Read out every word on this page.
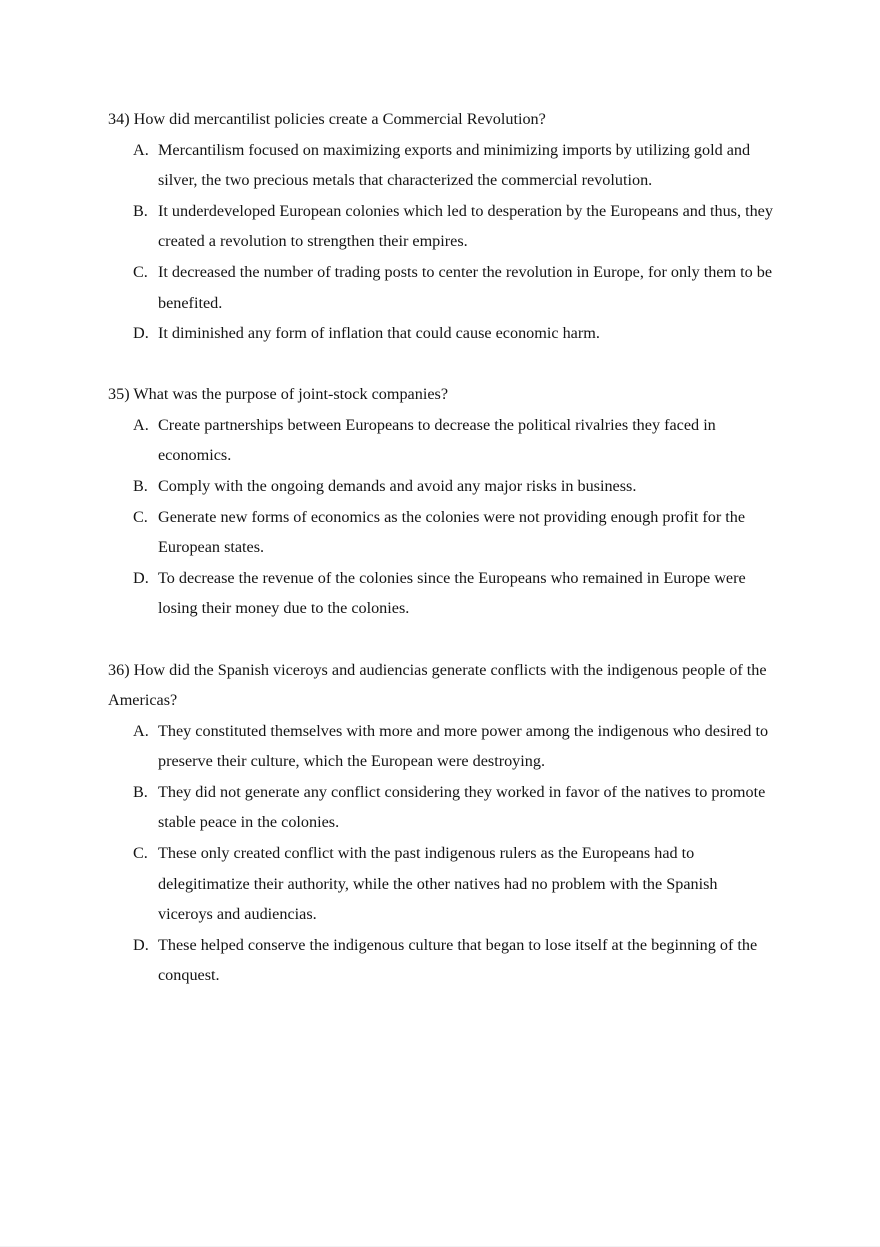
34) How did mercantilist policies create a Commercial Revolution?

A. Mercantilism focused on maximizing exports and minimizing imports by utilizing gold and silver, the two precious metals that characterized the commercial revolution.
B. It underdeveloped European colonies which led to desperation by the Europeans and thus, they created a revolution to strengthen their empires.
C. It decreased the number of trading posts to center the revolution in Europe, for only them to be benefited.
D. It diminished any form of inflation that could cause economic harm.

35) What was the purpose of joint-stock companies?

A. Create partnerships between Europeans to decrease the political rivalries they faced in economics.
B. Comply with the ongoing demands and avoid any major risks in business.
C. Generate new forms of economics as the colonies were not providing enough profit for the European states.
D. To decrease the revenue of the colonies since the Europeans who remained in Europe were losing their money due to the colonies.

36) How did the Spanish viceroys and audiencias generate conflicts with the indigenous people of the Americas?

A. They constituted themselves with more and more power among the indigenous who desired to preserve their culture, which the European were destroying.
B. They did not generate any conflict considering they worked in favor of the natives to promote stable peace in the colonies.
C. These only created conflict with the past indigenous rulers as the Europeans had to delegitimatize their authority, while the other natives had no problem with the Spanish viceroys and audiencias.
D. These helped conserve the indigenous culture that began to lose itself at the beginning of the conquest.
